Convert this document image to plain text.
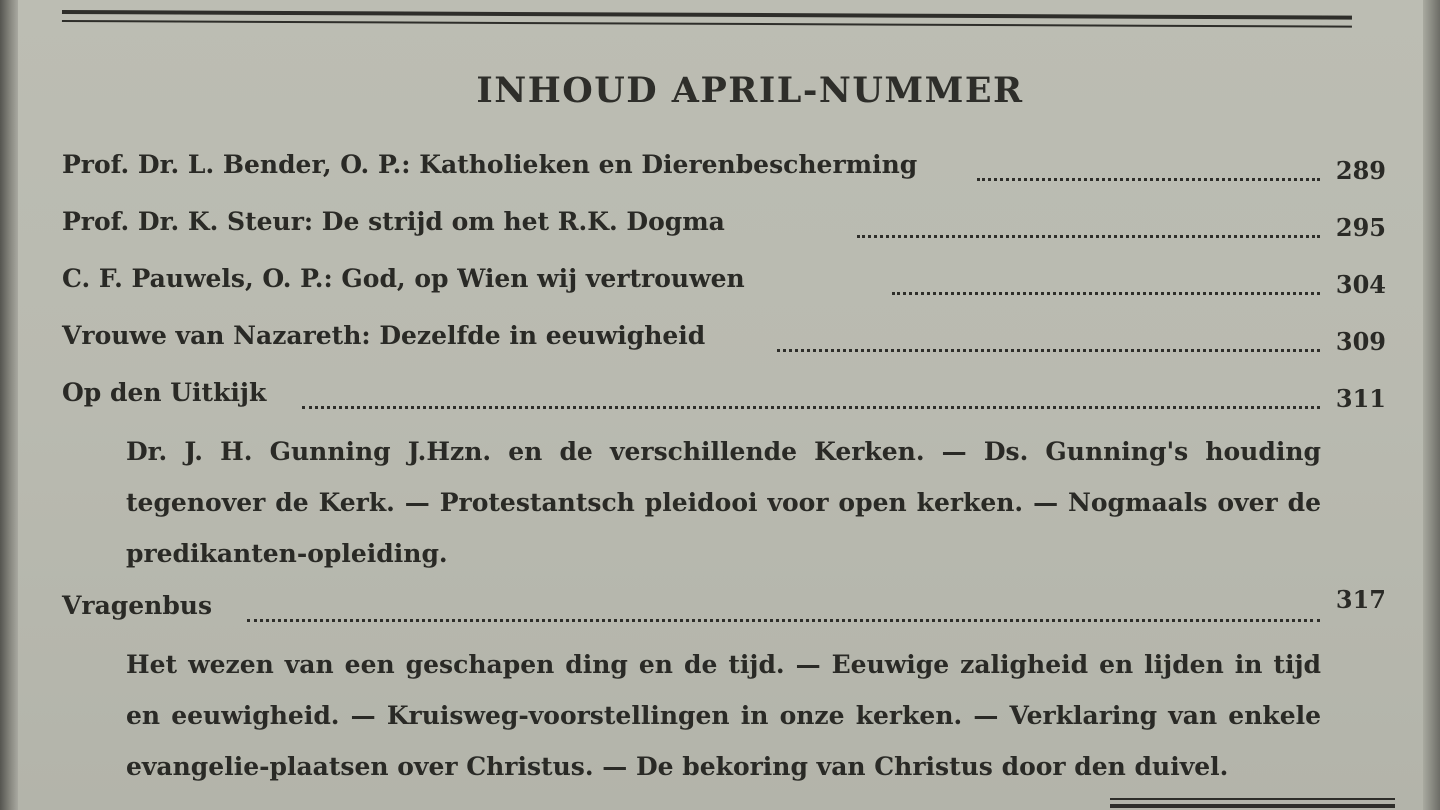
INHOUD APRIL-NUMMER
Prof. Dr. L. Bender, O. P.: Katholieken en Dierenbescherming	289
Prof. Dr. K. Steur: De strijd om het R.K. Dogma	295
C. F. Pauwels, O. P.: God, op Wien wij vertrouwen	304
Vrouwe van Nazareth: Dezelfde in eeuwigheid	309
Op den Uitkijk	311
Dr. J. H. Gunning J.Hzn. en de verschillende Kerken. — Ds. Gunning's houding tegenover de Kerk. — Protestantsch pleidooi voor open kerken. — Nogmaals over de predikanten-opleiding.
Vragenbus	317
Het wezen van een geschapen ding en de tijd. — Eeuwige zaligheid en lijden in tijd en eeuwigheid. — Kruisweg-voorstellingen in onze kerken. — Verklaring van enkele evangelie-plaatsen over Christus. — De bekoring van Christus door den duivel.
